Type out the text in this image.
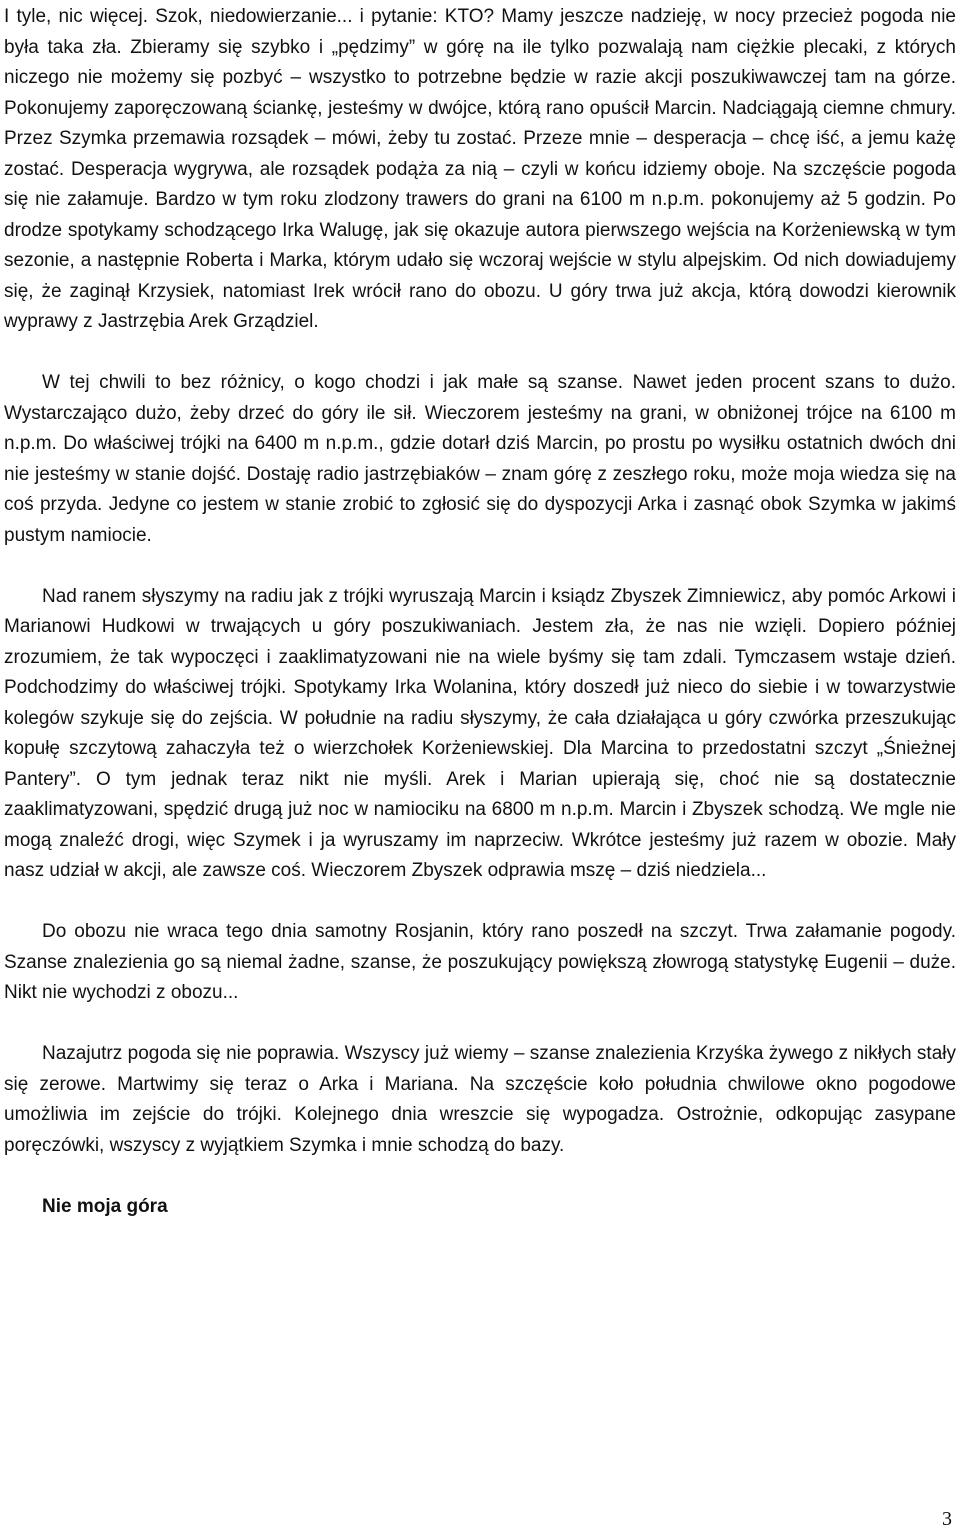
I tyle, nic więcej. Szok, niedowierzanie... i pytanie: KTO? Mamy jeszcze nadzieję, w nocy przecież pogoda nie była taka zła. Zbieramy się szybko i „pędzimy” w górę na ile tylko pozwalają nam ciężkie plecaki, z których niczego nie możemy się pozbyć – wszystko to potrzebne będzie w razie akcji poszukiwawczej tam na górze. Pokonujemy zaporęczowaną ściankę, jesteśmy w dwójce, którą rano opuścił Marcin. Nadciągają ciemne chmury. Przez Szymka przemawia rozsądek – mówi, żeby tu zostać. Przeze mnie – desperacja – chcę iść, a jemu każę zostać. Desperacja wygrywa, ale rozsądek podąża za nią – czyli w końcu idziemy oboje. Na szczęście pogoda się nie załamuje. Bardzo w tym roku zlodzony trawers do grani na 6100 m n.p.m. pokonujemy aż 5 godzin. Po drodze spotykamy schodzącego Irka Walugę, jak się okazuje autora pierwszego wejścia na Korżeniewską w tym sezonie, a następnie Roberta i Marka, którym udało się wczoraj wejście w stylu alpejskim. Od nich dowiadujemy się, że zaginął Krzysiek, natomiast Irek wrócił rano do obozu. U góry trwa już akcja, którą dowodzi kierownik wyprawy z Jastrzębia Arek Grządziel.

W tej chwili to bez różnicy, o kogo chodzi i jak małe są szanse. Nawet jeden procent szans to dużo. Wystarczająco dużo, żeby drzeć do góry ile sił. Wieczorem jesteśmy na grani, w obniżonej trójce na 6100 m n.p.m. Do właściwej trójki na 6400 m n.p.m., gdzie dotarł dziś Marcin, po prostu po wysiłku ostatnich dwóch dni nie jesteśmy w stanie dojść. Dostaję radio jastrzębiaków – znam górę z zeszłego roku, może moja wiedza się na coś przyda. Jedyne co jestem w stanie zrobić to zgłosić się do dyspozycji Arka i zasnąć obok Szymka w jakimś pustym namiocie.

Nad ranem słyszymy na radiu jak z trójki wyruszają Marcin i ksiądz Zbyszek Zimniewicz, aby pomóc Arkowi i Marianowi Hudkowi w trwających u góry poszukiwaniach. Jestem zła, że nas nie wzięli. Dopiero później zrozumiem, że tak wypoczęci i zaaklimatyzowani nie na wiele byśmy się tam zdali. Tymczasem wstaje dzień. Podchodzimy do właściwej trójki. Spotykamy Irka Wolanina, który doszedł już nieco do siebie i w towarzystwie kolegów szykuje się do zejścia. W południe na radiu słyszymy, że cała działająca u góry czwórka przeszukując kopułę szczytową zahaczyła też o wierzchołek Korżeniewskiej. Dla Marcina to przedostatni szczyt „Śnieżnej Pantery”. O tym jednak teraz nikt nie myśli. Arek i Marian upierają się, choć nie są dostatecznie zaaklimatyzowani, spędzić drugą już noc w namiociku na 6800 m n.p.m. Marcin i Zbyszek schodzą. We mgle nie mogą znaleźć drogi, więc Szymek i ja wyruszamy im naprzeciw. Wkrótce jesteśmy już razem w obozie. Mały nasz udział w akcji, ale zawsze coś. Wieczorem Zbyszek odprawia mszę – dziś niedziela...

Do obozu nie wraca tego dnia samotny Rosjanin, który rano poszedł na szczyt. Trwa załamanie pogody. Szanse znalezienia go są niemal żadne, szanse, że poszukujący powiększą złowrogą statystykę Eugenii – duże. Nikt nie wychodzi z obozu...

Nazajutrz pogoda się nie poprawia. Wszyscy już wiemy – szanse znalezienia Krzyśka żywego z nikłych stały się zerowe. Martwimy się teraz o Arka i Mariana. Na szczęście koło południa chwilowe okno pogodowe umożliwia im zejście do trójki. Kolejnego dnia wreszcie się wypogadza. Ostrożnie, odkopując zasypane poręczówki, wszyscy z wyjątkiem Szymka i mnie schodzą do bazy.

Nie moja góra

3
